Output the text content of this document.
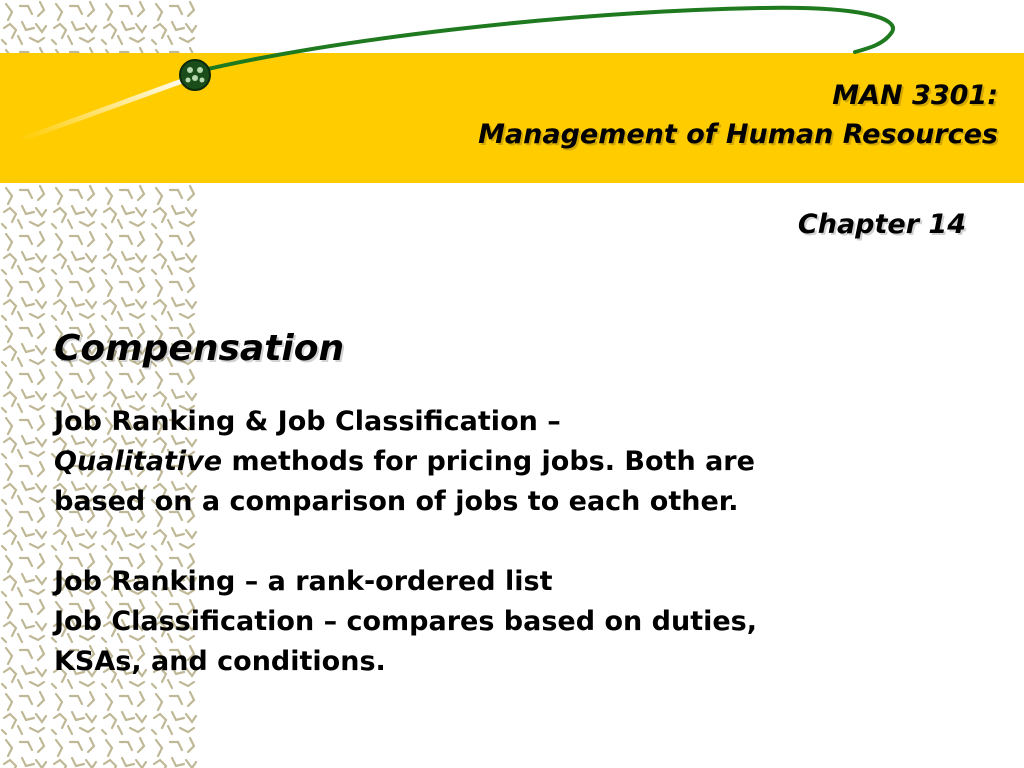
MAN 3301:
Management of Human Resources
Chapter 14
Compensation
Job Ranking & Job Classification –
Qualitative methods for pricing jobs. Both are
based on a comparison of jobs to each other.
Job Ranking – a rank-ordered list
Job Classification – compares based on duties,
KSAs, and conditions.
